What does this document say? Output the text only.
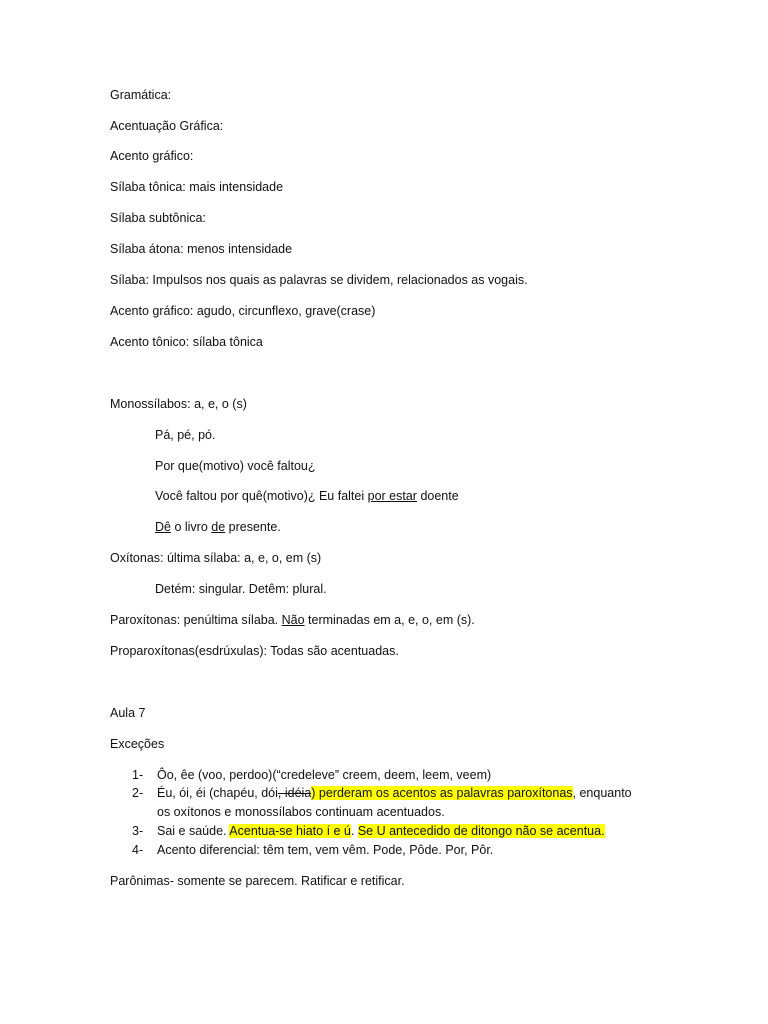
Gramática:
Acentuação Gráfica:
Acento gráfico:
Sílaba tônica: mais intensidade
Sílaba subtônica:
Sílaba átona: menos intensidade
Sílaba: Impulsos nos quais as palavras se dividem, relacionados as vogais.
Acento gráfico: agudo, circunflexo, grave(crase)
Acento tônico: sílaba tônica
Monossílabos: a, e, o (s)
Pá, pé, pó.
Por que(motivo) você faltou¿
Você faltou por quê(motivo)¿ Eu faltei por estar doente
Dê o livro de presente.
Oxítonas: última sílaba: a, e, o, em (s)
Detém: singular. Detêm: plural.
Paroxítonas: penúltima sílaba. Não terminadas em a, e, o, em (s).
Proparoxítonas(esdrúxulas): Todas são acentuadas.
Aula 7
Exceções
1- Ôo, êe (voo, perdoo)(“credeleve” creem, deem, leem, veem)
2- Éu, ói, éi (chapéu, dói, idéia) perderam os acentos as palavras paroxítonas, enquanto
os oxítonos e monossílabos continuam acentuados.
3- Sai e saúde. Acentua-se hiato í e ú. Se U antecedido de ditongo não se acentua.
4- Acento diferencial: têm tem, vem vêm. Pode, Pôde. Por, Pôr.
Parônimas- somente se parecem. Ratificar e retificar.
